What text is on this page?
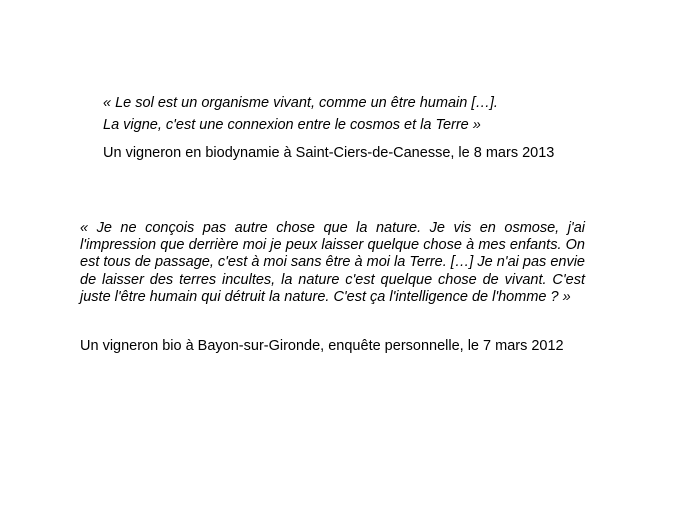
« Le sol est un organisme vivant, comme un être humain […].
La vigne, c'est une connexion entre le cosmos et la Terre »
Un vigneron en biodynamie à Saint-Ciers-de-Canesse, le 8 mars 2013
« Je ne conçois pas autre chose que la nature. Je vis en osmose, j'ai l'impression que derrière moi je peux laisser quelque chose à mes enfants. On est tous de passage, c'est à moi sans être à moi la Terre. […] Je n'ai pas envie de laisser des terres incultes, la nature c'est quelque chose de vivant. C'est juste l'être humain qui détruit la nature. C'est ça l'intelligence de l'homme ? »
Un vigneron bio à Bayon-sur-Gironde, enquête personnelle, le 7 mars 2012
